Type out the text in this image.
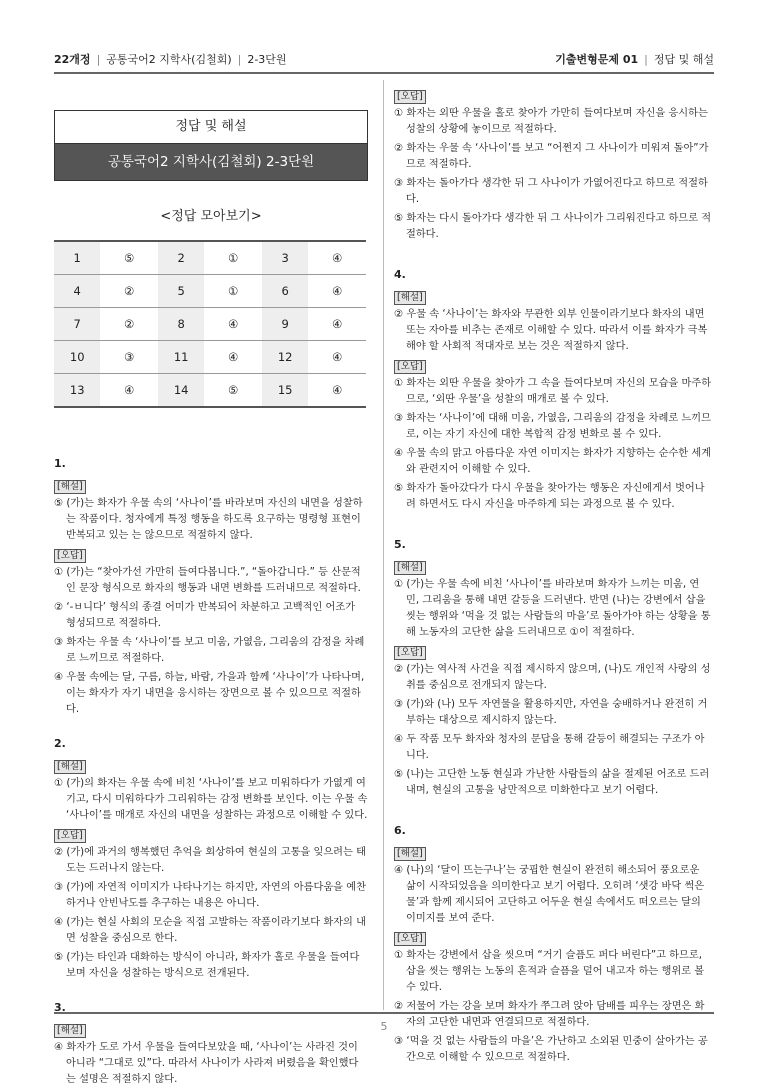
22개정 | 공통국어2 지학사(김철회) | 2-3단원	기출변형문제 01 | 정답 및 해설
정답 및 해설
공통국어2 지학사(김철회) 2-3단원
<정답 모아보기>
1	⑤	2	①	3	④
4	②	5	①	6	④
7	②	8	④	9	④
10	③	11	④	12	④
13	④	14	⑤	15	④
1.
[해설]
⑤ (가)는 화자가 우물 속의 ‘사나이’를 바라보며 자신의 내면을 성찰하는 작품이다. 청자에게 특정 행동을 하도록 요구하는 명령형 표현이 반복되고 있는 는 않으므로 적절하지 않다.
[오답]
① (가)는 “찾아가선 가만히 들여다봅니다.”, “돌아갑니다.” 등 산문적인 문장 형식으로 화자의 행동과 내면 변화를 드러내므로 적절하다.
② ‘-ㅂ니다’ 형식의 종결 어미가 반복되어 차분하고 고백적인 어조가 형성되므로 적절하다.
③ 화자는 우물 속 ‘사나이’를 보고 미움, 가엾음, 그리움의 감정을 차례로 느끼므로 적절하다.
④ 우물 속에는 달, 구름, 하늘, 바람, 가을과 함께 ‘사나이’가 나타나며, 이는 화자가 자기 내면을 응시하는 장면으로 볼 수 있으므로 적절하다.
2.
[해설]
① (가)의 화자는 우물 속에 비친 ‘사나이’를 보고 미워하다가 가엾게 여기고, 다시 미워하다가 그리워하는 감정 변화를 보인다. 이는 우물 속 ‘사나이’를 매개로 자신의 내면을 성찰하는 과정으로 이해할 수 있다.
[오답]
② (가)에 과거의 행복했던 추억을 회상하여 현실의 고통을 잊으려는 태도는 드러나지 않는다.
③ (가)에 자연적 이미지가 나타나기는 하지만, 자연의 아름다움을 예찬하거나 안빈낙도를 추구하는 내용은 아니다.
④ (가)는 현실 사회의 모순을 직접 고발하는 작품이라기보다 화자의 내면 성찰을 중심으로 한다.
⑤ (가)는 타인과 대화하는 방식이 아니라, 화자가 홀로 우물을 들여다보며 자신을 성찰하는 방식으로 전개된다.
3.
[해설]
④ 화자가 도로 가서 우물을 들여다보았을 때, ‘사나이’는 사라진 것이 아니라 “그대로 있”다. 따라서 사나이가 사라져 버렸음을 확인했다는 설명은 적절하지 않다.
[오답]
① 화자는 외딴 우물을 홀로 찾아가 가만히 들여다보며 자신을 응시하는 성찰의 상황에 놓이므로 적절하다.
② 화자는 우물 속 ‘사나이’를 보고 “어쩐지 그 사나이가 미워져 돌아”가므로 적절하다.
③ 화자는 돌아가다 생각한 뒤 그 사나이가 가엾어진다고 하므로 적절하다.
⑤ 화자는 다시 돌아가다 생각한 뒤 그 사나이가 그리워진다고 하므로 적절하다.
4.
[해설]
② 우물 속 ‘사나이’는 화자와 무관한 외부 인물이라기보다 화자의 내면 또는 자아를 비추는 존재로 이해할 수 있다. 따라서 이를 화자가 극복해야 할 사회적 적대자로 보는 것은 적절하지 않다.
[오답]
① 화자는 외딴 우물을 찾아가 그 속을 들여다보며 자신의 모습을 마주하므로, ‘외딴 우물’을 성찰의 매개로 볼 수 있다.
③ 화자는 ‘사나이’에 대해 미움, 가엾음, 그리움의 감정을 차례로 느끼므로, 이는 자기 자신에 대한 복합적 감정 변화로 볼 수 있다.
④ 우물 속의 맑고 아름다운 자연 이미지는 화자가 지향하는 순수한 세계와 관련지어 이해할 수 있다.
⑤ 화자가 돌아갔다가 다시 우물을 찾아가는 행동은 자신에게서 벗어나려 하면서도 다시 자신을 마주하게 되는 과정으로 볼 수 있다.
5.
[해설]
① (가)는 우물 속에 비친 ‘사나이’를 바라보며 화자가 느끼는 미움, 연민, 그리움을 통해 내면 갈등을 드러낸다. 반면 (나)는 강변에서 삽을 씻는 행위와 ‘먹을 것 없는 사람들의 마을’로 돌아가야 하는 상황을 통해 노동자의 고단한 삶을 드러내므로 ①이 적절하다.
[오답]
② (가)는 역사적 사건을 직접 제시하지 않으며, (나)도 개인적 사랑의 성취를 중심으로 전개되지 않는다.
③ (가)와 (나) 모두 자연물을 활용하지만, 자연을 숭배하거나 완전히 거부하는 대상으로 제시하지 않는다.
④ 두 작품 모두 화자와 청자의 문답을 통해 갈등이 해결되는 구조가 아니다.
⑤ (나)는 고단한 노동 현실과 가난한 사람들의 삶을 절제된 어조로 드러내며, 현실의 고통을 낭만적으로 미화한다고 보기 어렵다.
6.
[해설]
④ (나)의 ‘달이 뜨는구나’는 궁핍한 현실이 완전히 해소되어 풍요로운 삶이 시작되었음을 의미한다고 보기 어렵다. 오히려 ‘샛강 바닥 썩은 물’과 함께 제시되어 고단하고 어두운 현실 속에서도 떠오르는 달의 이미지를 보여 준다.
[오답]
① 화자는 강변에서 삽을 씻으며 “거기 슬픔도 퍼다 버린다”고 하므로, 삽을 씻는 행위는 노동의 흔적과 슬픔을 덜어 내고자 하는 행위로 볼 수 있다.
② 저물어 가는 강을 보며 화자가 쭈그려 앉아 담배를 피우는 장면은 화자의 고단한 내면과 연결되므로 적절하다.
③ ‘먹을 것 없는 사람들의 마을’은 가난하고 소외된 민중이 살아가는 공간으로 이해할 수 있으므로 적절하다.
5
